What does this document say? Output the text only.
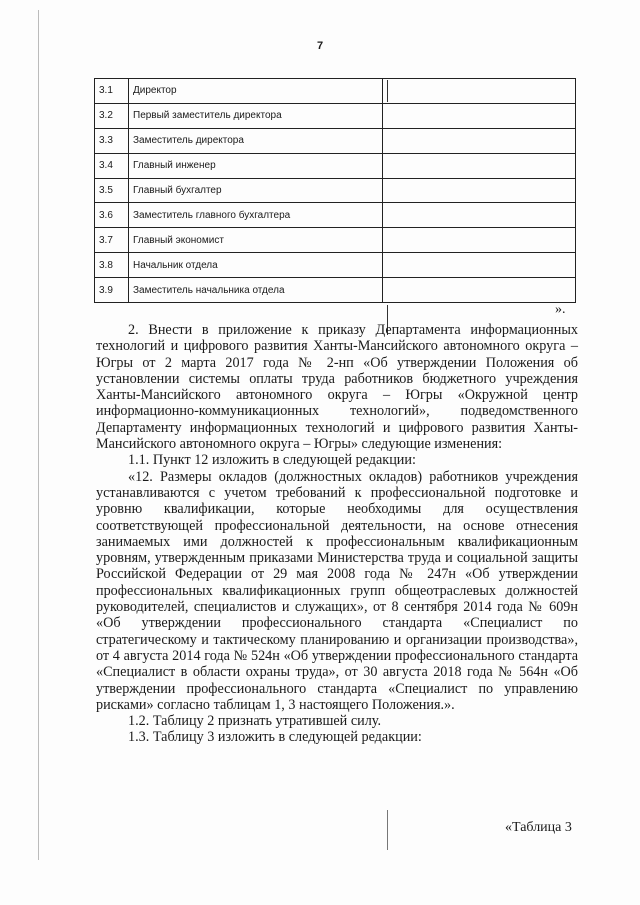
7
3.1	Директор	
3.2	Первый заместитель директора	
3.3	Заместитель директора	
3.4	Главный инженер	
3.5	Главный бухгалтер	
3.6	Заместитель главного бухгалтера	
3.7	Главный экономист	
3.8	Начальник отдела	
3.9	Заместитель начальника отдела	
».

2. Внести в приложение к приказу Департамента информационных технологий и цифрового развития Ханты-Мансийского автономного округа – Югры от 2 марта 2017 года № 2-нп «Об утверждении Положения об установлении системы оплаты труда работников бюджетного учреждения Ханты-Мансийского автономного округа – Югры «Окружной центр информационно-коммуникационных технологий», подведомственного Департаменту информационных технологий и цифрового развития Ханты-Мансийского автономного округа – Югры» следующие изменения:

1.1. Пункт 12 изложить в следующей редакции:

«12. Размеры окладов (должностных окладов) работников учреждения устанавливаются с учетом требований к профессиональной подготовке и уровню квалификации, которые необходимы для осуществления соответствующей профессиональной деятельности, на основе отнесения занимаемых ими должностей к профессиональным квалификационным уровням, утвержденным приказами Министерства труда и социальной защиты Российской Федерации от 29 мая 2008 года № 247н «Об утверждении профессиональных квалификационных групп общеотраслевых должностей руководителей, специалистов и служащих», от 8 сентября 2014 года № 609н «Об утверждении профессионального стандарта «Специалист по стратегическому и тактическому планированию и организации производства», от 4 августа 2014 года № 524н «Об утверждении профессионального стандарта «Специалист в области охраны труда», от 30 августа 2018 года № 564н «Об утверждении профессионального стандарта «Специалист по управлению рисками» согласно таблицам 1, 3 настоящего Положения.».

1.2. Таблицу 2 признать утратившей силу.

1.3. Таблицу 3 изложить в следующей редакции:

«Таблица 3
